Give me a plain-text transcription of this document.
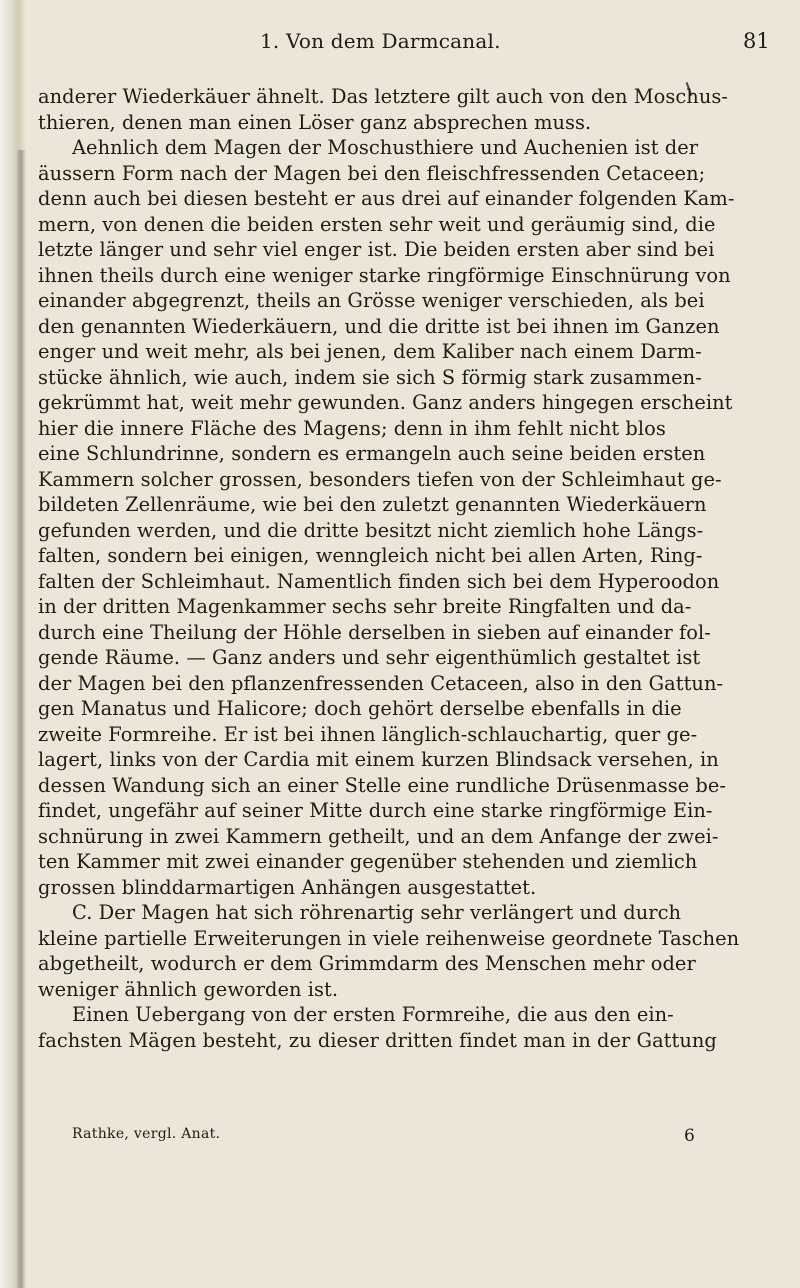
1. Von dem Darmcanal.	81
anderer Wiederkäuer ähnelt. Das letztere gilt auch von den Moschus-
thieren, denen man einen Löser ganz absprechen muss.
Aehnlich dem Magen der Moschusthiere und Auchenien ist der
äussern Form nach der Magen bei den fleischfressenden Cetaceen;
denn auch bei diesen besteht er aus drei auf einander folgenden Kam-
mern, von denen die beiden ersten sehr weit und geräumig sind, die
letzte länger und sehr viel enger ist. Die beiden ersten aber sind bei
ihnen theils durch eine weniger starke ringförmige Einschnürung von
einander abgegrenzt, theils an Grösse weniger verschieden, als bei
den genannten Wiederkäuern, und die dritte ist bei ihnen im Ganzen
enger und weit mehr, als bei jenen, dem Kaliber nach einem Darm-
stücke ähnlich, wie auch, indem sie sich S förmig stark zusammen-
gekrümmt hat, weit mehr gewunden. Ganz anders hingegen erscheint
hier die innere Fläche des Magens; denn in ihm fehlt nicht blos
eine Schlundrinne, sondern es ermangeln auch seine beiden ersten
Kammern solcher grossen, besonders tiefen von der Schleimhaut ge-
bildeten Zellenräume, wie bei den zuletzt genannten Wiederkäuern
gefunden werden, und die dritte besitzt nicht ziemlich hohe Längs-
falten, sondern bei einigen, wenngleich nicht bei allen Arten, Ring-
falten der Schleimhaut. Namentlich finden sich bei dem Hyperoodon
in der dritten Magenkammer sechs sehr breite Ringfalten und da-
durch eine Theilung der Höhle derselben in sieben auf einander fol-
gende Räume. — Ganz anders und sehr eigenthümlich gestaltet ist
der Magen bei den pflanzenfressenden Cetaceen, also in den Gattun-
gen Manatus und Halicore; doch gehört derselbe ebenfalls in die
zweite Formreihe. Er ist bei ihnen länglich-schlauchartig, quer ge-
lagert, links von der Cardia mit einem kurzen Blindsack versehen, in
dessen Wandung sich an einer Stelle eine rundliche Drüsenmasse be-
findet, ungefähr auf seiner Mitte durch eine starke ringförmige Ein-
schnürung in zwei Kammern getheilt, und an dem Anfange der zwei-
ten Kammer mit zwei einander gegenüber stehenden und ziemlich
grossen blinddarmartigen Anhängen ausgestattet.
C. Der Magen hat sich röhrenartig sehr verlängert und durch
kleine partielle Erweiterungen in viele reihenweise geordnete Taschen
abgetheilt, wodurch er dem Grimmdarm des Menschen mehr oder
weniger ähnlich geworden ist.
Einen Uebergang von der ersten Formreihe, die aus den ein-
fachsten Mägen besteht, zu dieser dritten findet man in der Gattung
Rathke, vergl. Anat.	6
